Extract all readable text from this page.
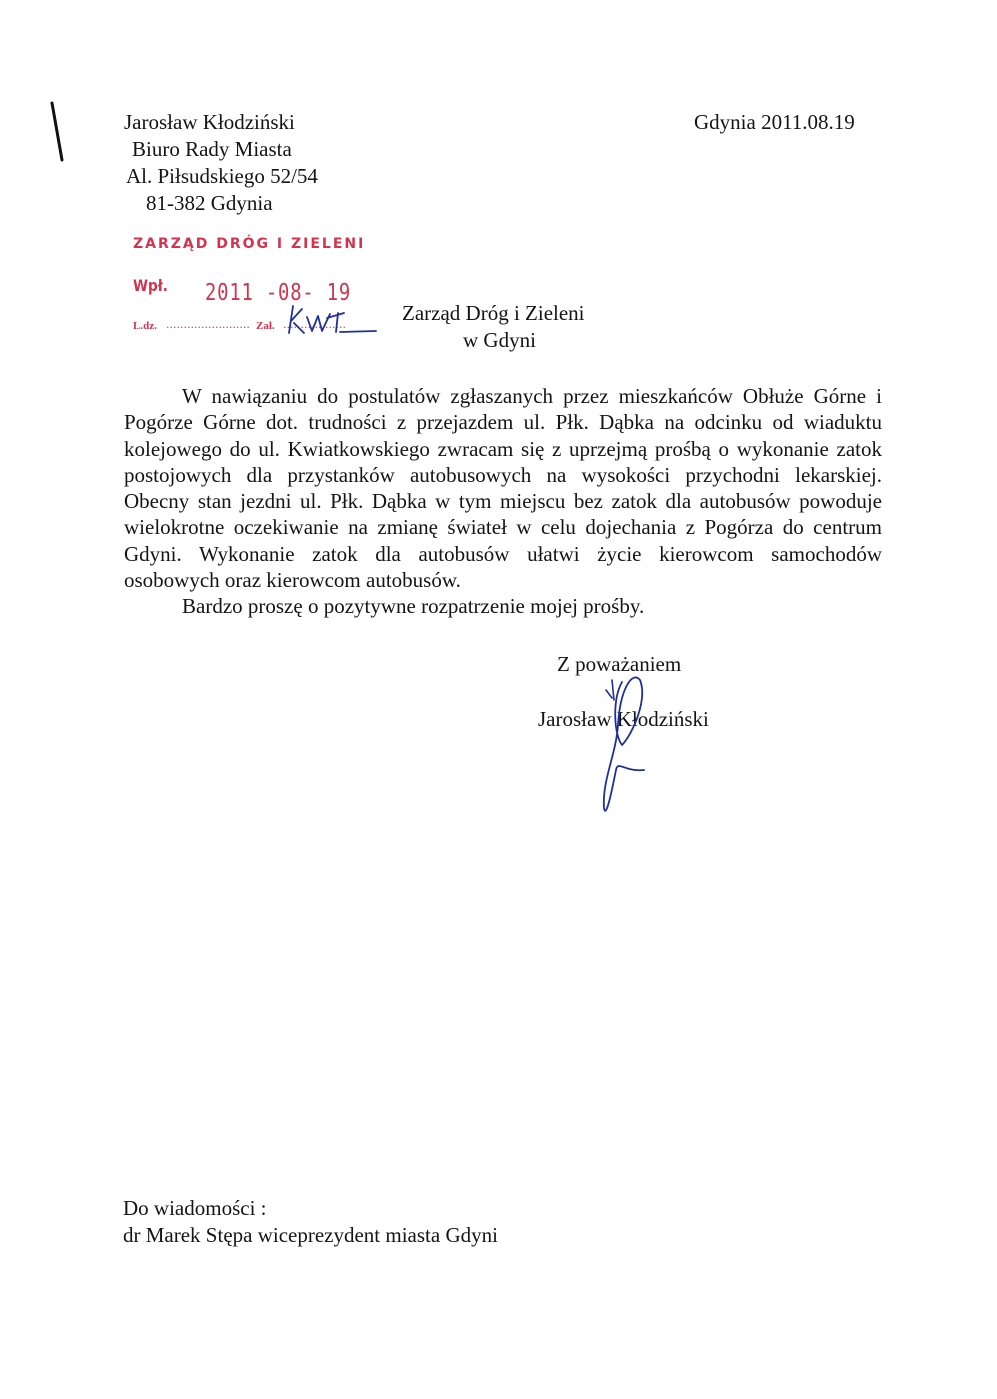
Jarosław Kłodziński
Biuro Rady Miasta
Al. Piłsudskiego 52/54
81-382 Gdynia
Gdynia 2011.08.19
ZARZĄD DRÓG I ZIELENI
Wpł. 2011 -08- 19
L.dz. ........................ Zał. ..................	Zarząd Dróg i Zieleni
w Gdyni

W nawiązaniu do postulatów zgłaszanych przez mieszkańców Obłuże Górne i Pogórze Górne dot. trudności z przejazdem ul. Płk. Dąbka na odcinku od wiaduktu kolejowego do ul. Kwiatkowskiego zwracam się z uprzejmą prośbą o wykonanie zatok postojowych dla przystanków autobusowych na wysokości przychodni lekarskiej. Obecny stan jezdni ul. Płk. Dąbka w tym miejscu bez zatok dla autobusów powoduje wielokrotne oczekiwanie na zmianę świateł w celu dojechania z Pogórza do centrum Gdyni. Wykonanie zatok dla autobusów ułatwi życie kierowcom samochodów osobowych oraz kierowcom autobusów.

Bardzo proszę o pozytywne rozpatrzenie mojej prośby.

Z poważaniem
Jarosław Kłodziński
Do wiadomości :
dr Marek Stępa wiceprezydent miasta Gdyni
